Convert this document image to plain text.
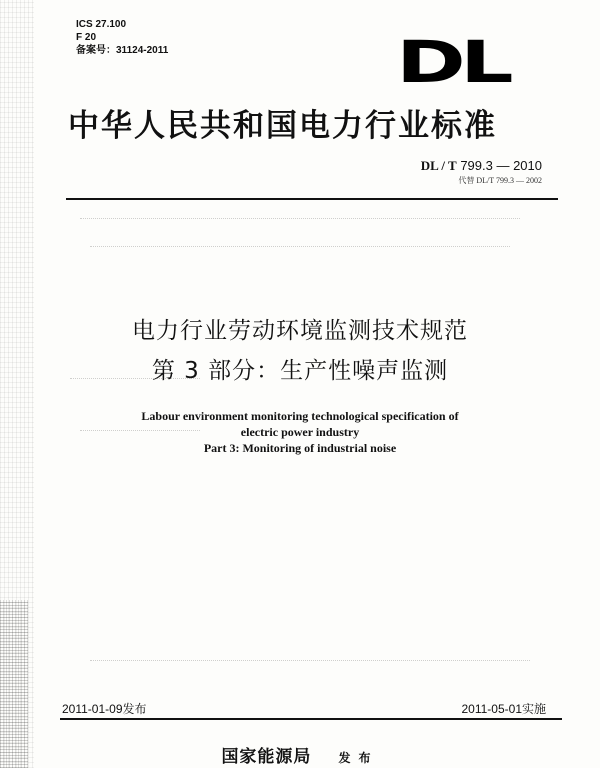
ICS 27.100
F 20
备案号：31124-2011	DL
中华人民共和国电力行业标准
DL / T 799.3 — 2010
代替 DL/T 799.3 — 2002
电力行业劳动环境监测技术规范
第 3 部分：生产性噪声监测
Labour environment monitoring technological specification of
electric power industry
Part 3: Monitoring of industrial noise
2011-01-09发布	2011-05-01实施
国家能源局 发布
